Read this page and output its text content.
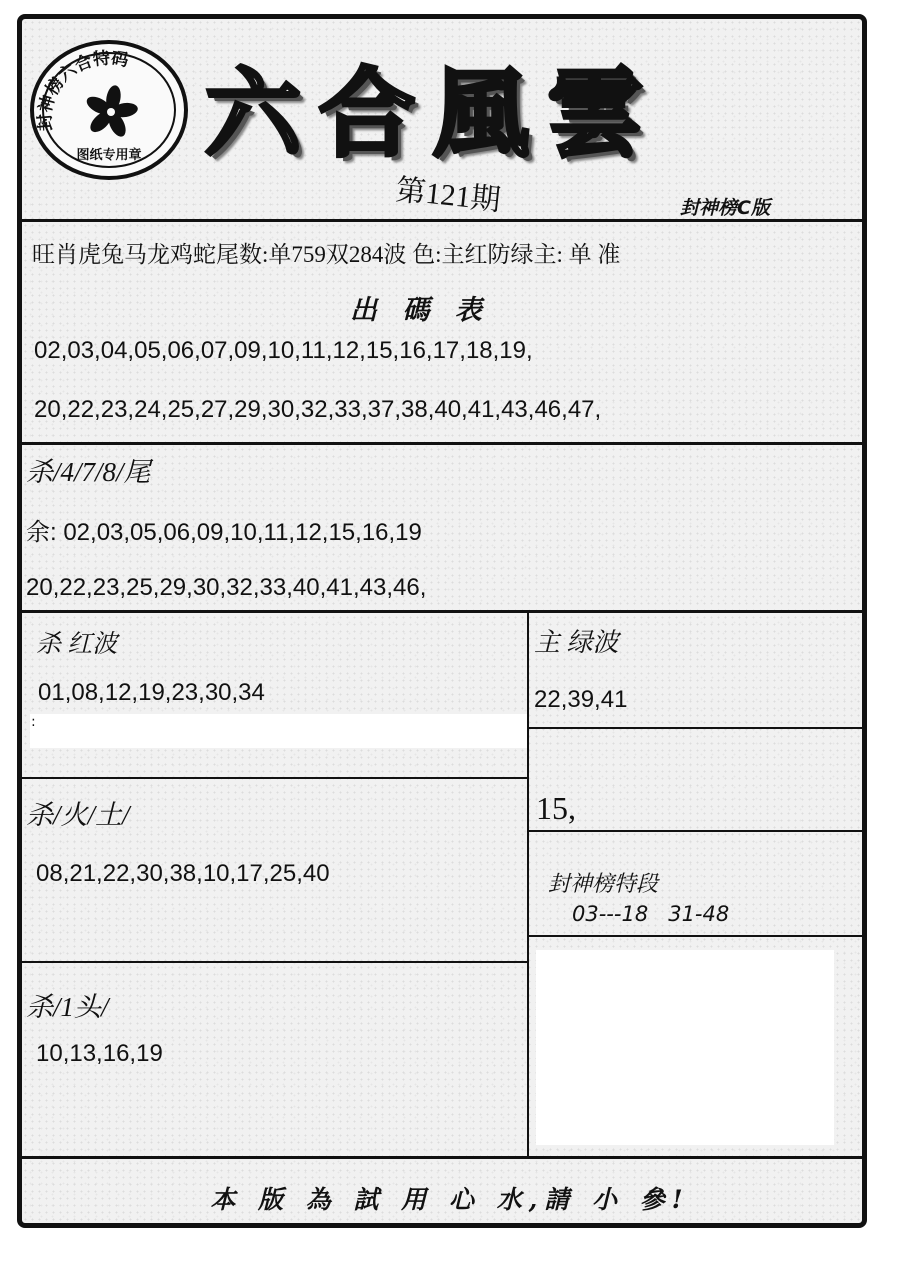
封神榜六合特码
图纸专用章 六合風雲
第121期	封神榜C版
旺肖虎兔马龙鸡蛇尾数:单759双284波 色:主红防绿主: 单 准
出 碼 表
02,03,04,05,06,07,09,10,11,12,15,16,17,18,19,
20,22,23,24,25,27,29,30,32,33,37,38,40,41,43,46,47,
杀/4/7/8/尾
余: 02,03,05,06,09,10,11,12,15,16,19
20,22,23,25,29,30,32,33,40,41,43,46,
杀 红波
01,08,12,19,23,30,34
:
主 绿波
22,39,41
15,
封神榜特段
03---18   31-48
杀/火/土/
08,21,22,30,38,10,17,25,40
杀/1头/
10,13,16,19
本 版 為 試 用 心 水,請 小 參!
